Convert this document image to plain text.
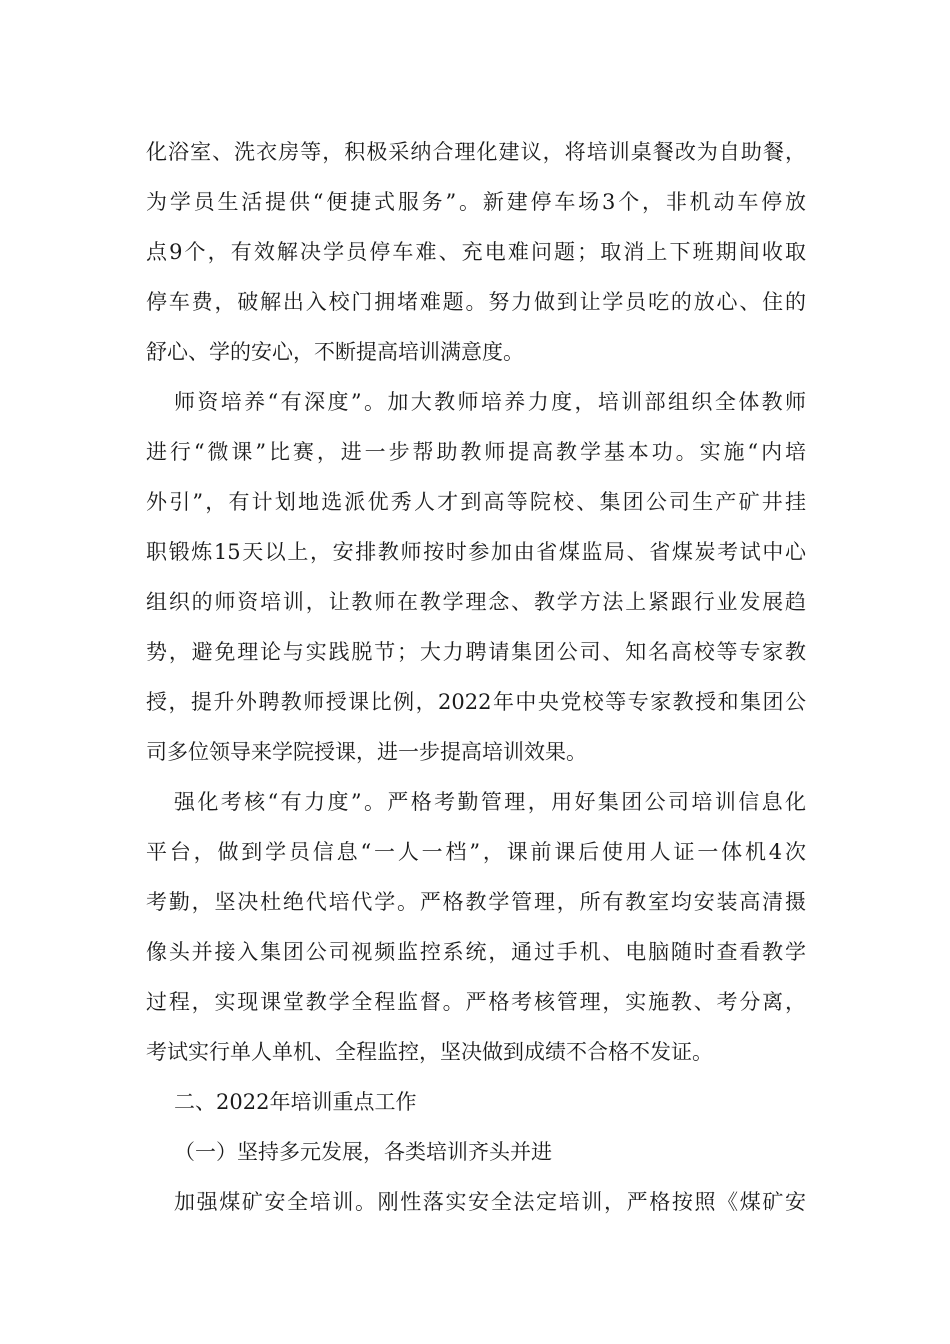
化浴室、洗衣房等，积极采纳合理化建议，将培训桌餐改为自助餐，
为学员生活提供“便捷式服务”。新建停车场3个，非机动车停放
点9个，有效解决学员停车难、充电难问题；取消上下班期间收取
停车费，破解出入校门拥堵难题。努力做到让学员吃的放心、住的
舒心、学的安心，不断提高培训满意度。
师资培养“有深度”。加大教师培养力度，培训部组织全体教师
进行“微课”比赛，进一步帮助教师提高教学基本功。实施“内培
外引”，有计划地选派优秀人才到高等院校、集团公司生产矿井挂
职锻炼15天以上，安排教师按时参加由省煤监局、省煤炭考试中心
组织的师资培训，让教师在教学理念、教学方法上紧跟行业发展趋
势，避免理论与实践脱节；大力聘请集团公司、知名高校等专家教
授，提升外聘教师授课比例，2022年中央党校等专家教授和集团公
司多位领导来学院授课，进一步提高培训效果。
强化考核“有力度”。严格考勤管理，用好集团公司培训信息化
平台，做到学员信息“一人一档”，课前课后使用人证一体机4次
考勤，坚决杜绝代培代学。严格教学管理，所有教室均安装高清摄
像头并接入集团公司视频监控系统，通过手机、电脑随时查看教学
过程，实现课堂教学全程监督。严格考核管理，实施教、考分离，
考试实行单人单机、全程监控，坚决做到成绩不合格不发证。
二、2022年培训重点工作
（一）坚持多元发展，各类培训齐头并进
加强煤矿安全培训。刚性落实安全法定培训，严格按照《煤矿安
